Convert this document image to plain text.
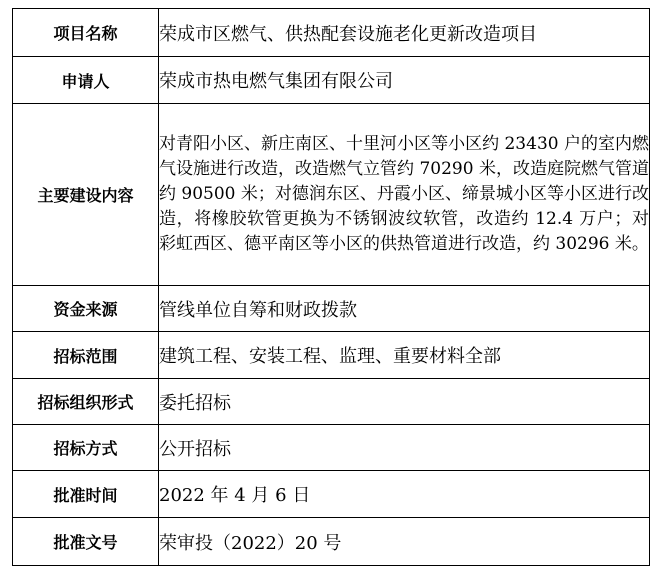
项目名称	荣成市区燃气、供热配套设施老化更新改造项目
申请人	荣成市热电燃气集团有限公司
主要建设内容	对青阳小区、新庄南区、十里河小区等小区约 23430 户的室内燃气设施进行改造，改造燃气立管约 70290 米，改造庭院燃气管道约 90500 米；对德润东区、丹霞小区、缔景城小区等小区进行改造，将橡胶软管更换为不锈钢波纹软管，改造约 12.4 万户；对彩虹西区、德平南区等小区的供热管道进行改造，约 30296 米。
资金来源	管线单位自筹和财政拨款
招标范围	建筑工程、安装工程、监理、重要材料全部
招标组织形式	委托招标
招标方式	公开招标
批准时间	2022 年 4 月 6 日
批准文号	荣审投（2022）20 号
